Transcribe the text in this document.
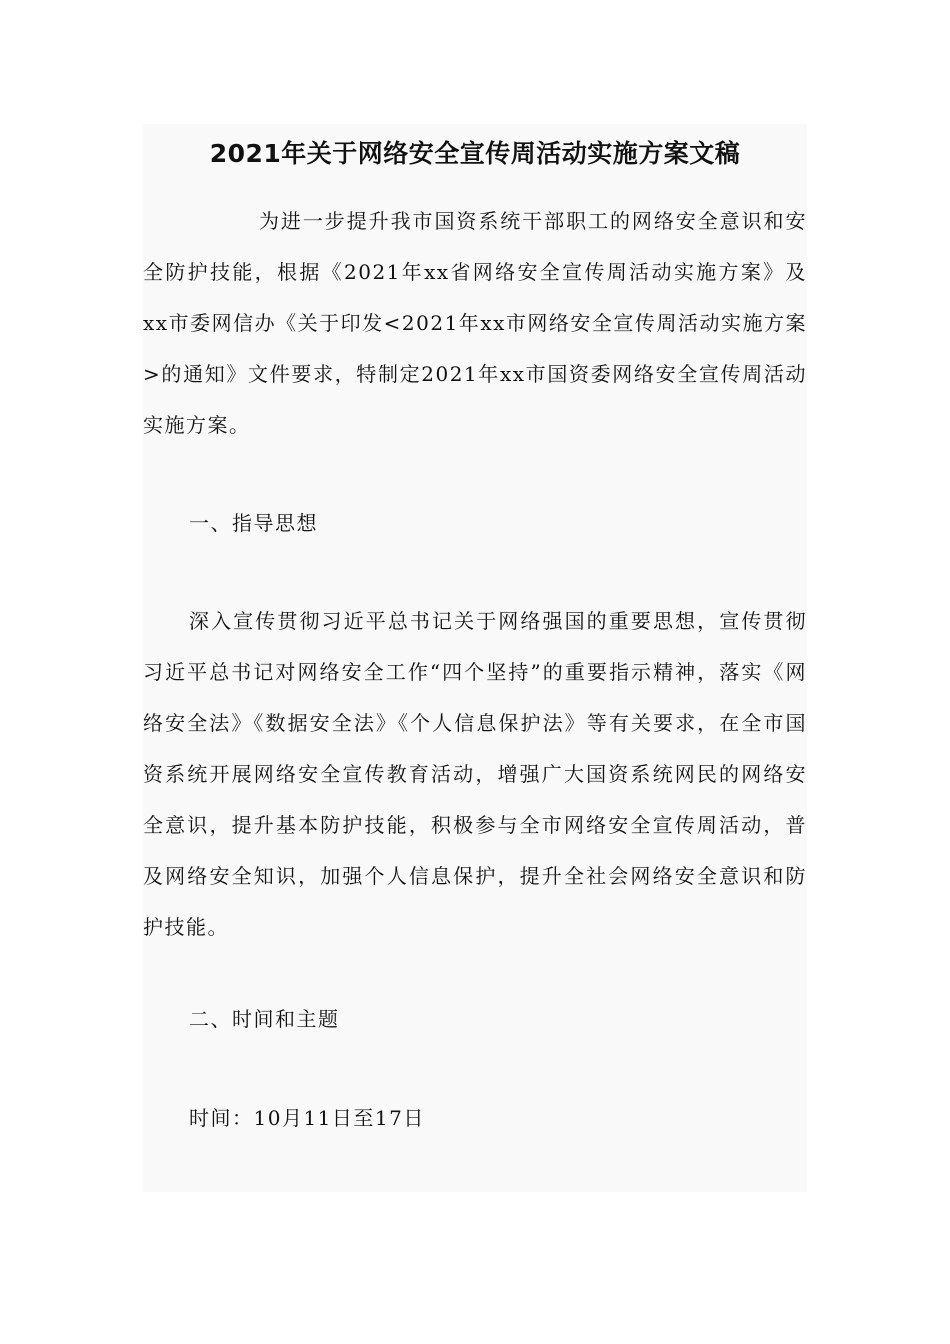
2021年关于网络安全宣传周活动实施方案文稿

为进一步提升我市国资系统干部职工的网络安全意识和安全防护技能，根据《2021年xx省网络安全宣传周活动实施方案》及xx市委网信办《关于印发<2021年xx市网络安全宣传周活动实施方案>的通知》文件要求，特制定2021年xx市国资委网络安全宣传周活动实施方案。

一、指导思想

深入宣传贯彻习近平总书记关于网络强国的重要思想，宣传贯彻习近平总书记对网络安全工作“四个坚持”的重要指示精神，落实《网络安全法》《数据安全法》《个人信息保护法》等有关要求，在全市国资系统开展网络安全宣传教育活动，增强广大国资系统网民的网络安全意识，提升基本防护技能，积极参与全市网络安全宣传周活动，普及网络安全知识，加强个人信息保护，提升全社会网络安全意识和防护技能。

二、时间和主题

时间：10月11日至17日
